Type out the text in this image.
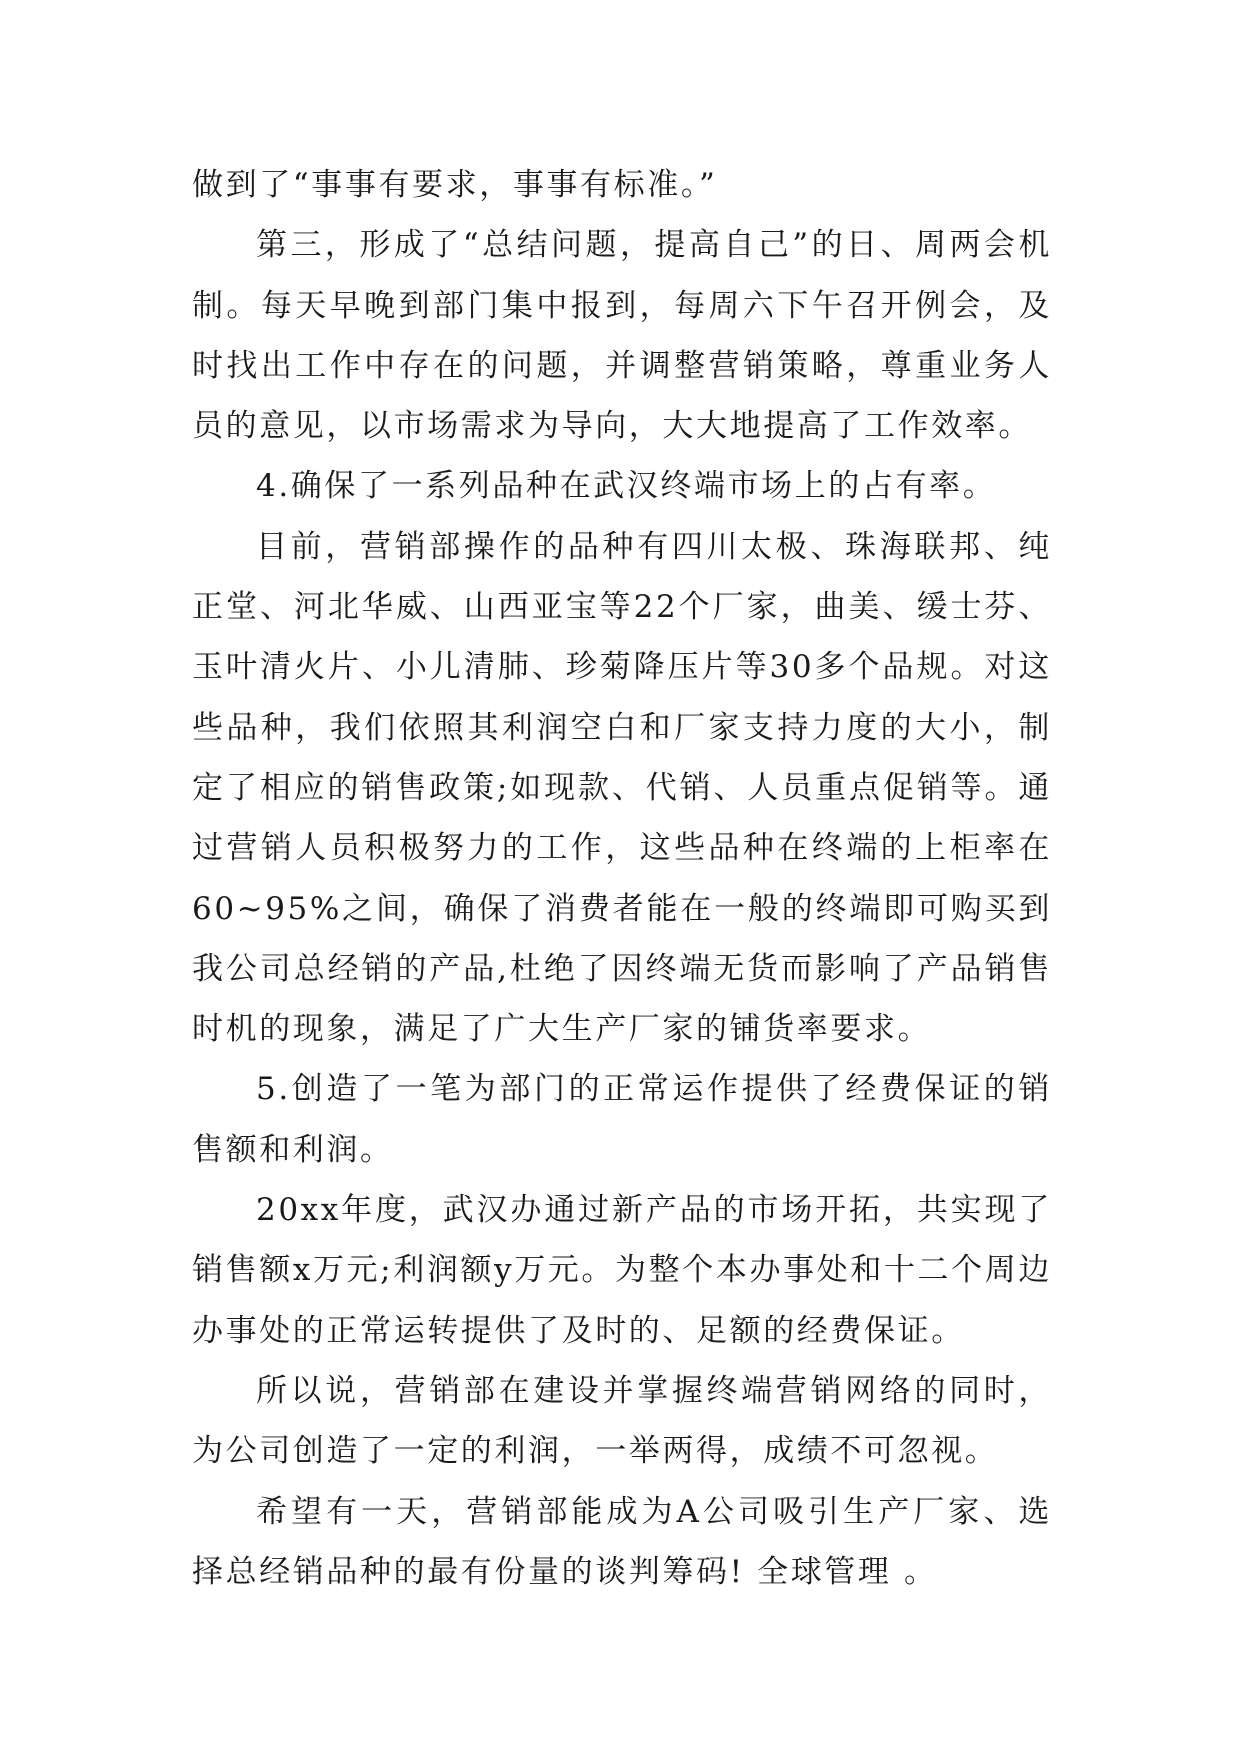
做到了“事事有要求，事事有标准。”

第三，形成了“总结问题，提高自己”的日、周两会机制。每天早晚到部门集中报到，每周六下午召开例会，及时找出工作中存在的问题，并调整营销策略，尊重业务人员的意见，以市场需求为导向，大大地提高了工作效率。

4.确保了一系列品种在武汉终端市场上的占有率。

目前，营销部操作的品种有四川太极、珠海联邦、纯正堂、河北华威、山西亚宝等22个厂家，曲美、缓士芬、玉叶清火片、小儿清肺、珍菊降压片等30多个品规。对这些品种，我们依照其利润空白和厂家支持力度的大小，制定了相应的销售政策;如现款、代销、人员重点促销等。通过营销人员积极努力的工作，这些品种在终端的上柜率在60~95%之间，确保了消费者能在一般的终端即可购买到我公司总经销的产品,杜绝了因终端无货而影响了产品销售时机的现象，满足了广大生产厂家的铺货率要求。

5.创造了一笔为部门的正常运作提供了经费保证的销售额和利润。

20xx年度，武汉办通过新产品的市场开拓，共实现了销售额x万元;利润额y万元。为整个本办事处和十二个周边办事处的正常运转提供了及时的、足额的经费保证。

所以说，营销部在建设并掌握终端营销网络的同时，为公司创造了一定的利润，一举两得，成绩不可忽视。

希望有一天，营销部能成为A公司吸引生产厂家、选择总经销品种的最有份量的谈判筹码! 全球管理 。
